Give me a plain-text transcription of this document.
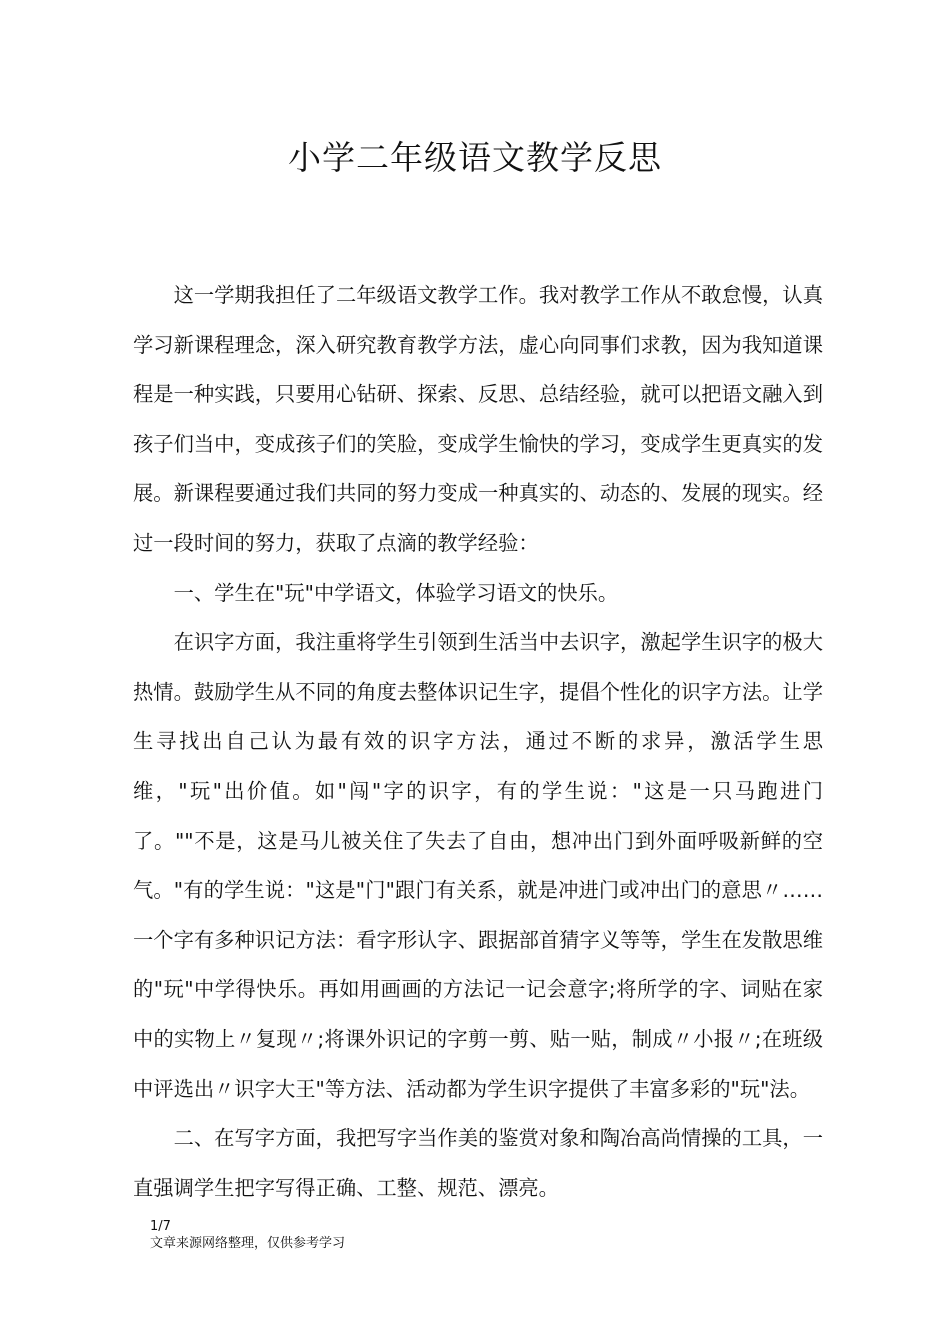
小学二年级语文教学反思

这一学期我担任了二年级语文教学工作。我对教学工作从不敢怠慢，认真学习新课程理念，深入研究教育教学方法，虚心向同事们求教，因为我知道课程是一种实践，只要用心钻研、探索、反思、总结经验，就可以把语文融入到孩子们当中，变成孩子们的笑脸，变成学生愉快的学习，变成学生更真实的发展。新课程要通过我们共同的努力变成一种真实的、动态的、发展的现实。经过一段时间的努力，获取了点滴的教学经验：

一、学生在"玩"中学语文，体验学习语文的快乐。

在识字方面，我注重将学生引领到生活当中去识字，激起学生识字的极大热情。鼓励学生从不同的角度去整体识记生字，提倡个性化的识字方法。让学生寻找出自己认为最有效的识字方法，通过不断的求异，激活学生思维，"玩"出价值。如"闯"字的识字，有的学生说："这是一只马跑进门了。""不是，这是马儿被关住了失去了自由，想冲出门到外面呼吸新鲜的空气。"有的学生说："这是"门"跟门有关系，就是冲进门或冲出门的意思〃……一个字有多种识记方法：看字形认字、跟据部首猜字义等等，学生在发散思维的"玩"中学得快乐。再如用画画的方法记一记会意字;将所学的字、词贴在家中的实物上〃复现〃;将课外识记的字剪一剪、贴一贴，制成〃小报〃;在班级中评选出〃识字大王"等方法、活动都为学生识字提供了丰富多彩的"玩"法。

二、在写字方面，我把写字当作美的鉴赏对象和陶冶高尚情操的工具，一直强调学生把字写得正确、工整、规范、漂亮。

1/7
文章来源网络整理，仅供参考学习
